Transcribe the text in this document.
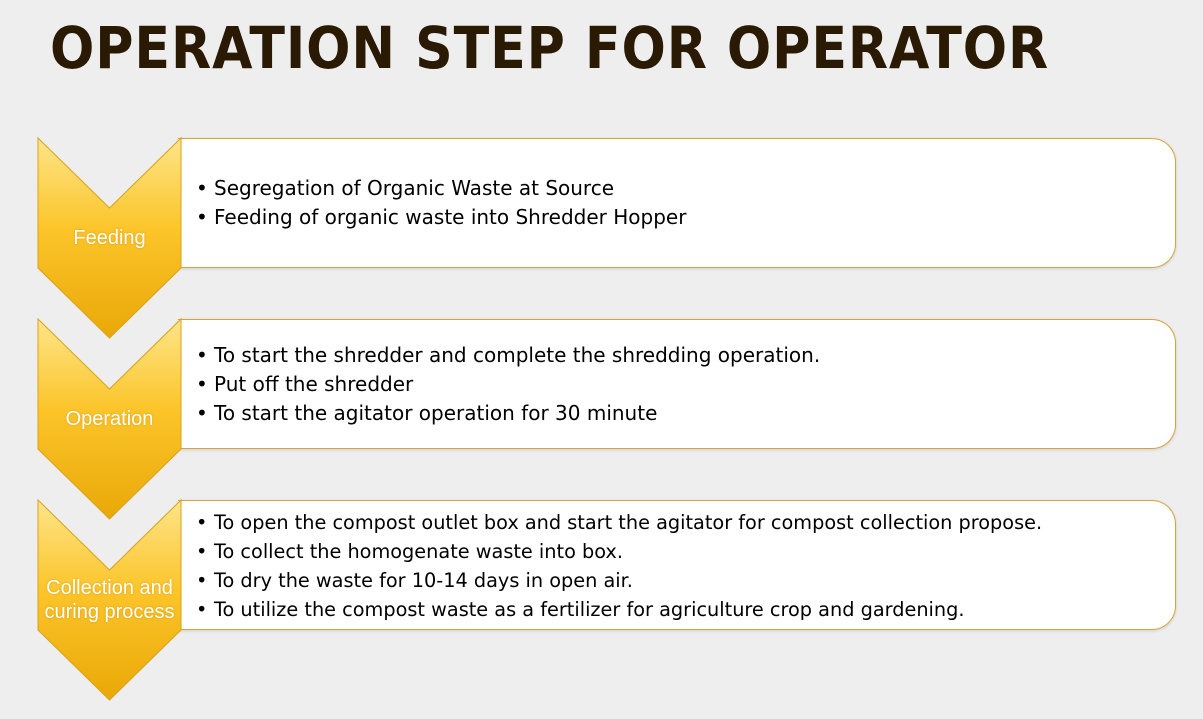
OPERATION STEP FOR OPERATOR
Feeding
• Segregation of Organic Waste at Source
• Feeding of organic waste into Shredder Hopper
Operation
• To start the shredder and complete the shredding operation.
• Put off the shredder
• To start the agitator operation for 30 minute
Collection and
curing process
• To open the compost outlet box and start the agitator for compost collection propose.
• To collect the homogenate waste into box.
• To dry the waste for 10-14 days in open air.
• To utilize the compost waste as a fertilizer for agriculture crop and gardening.
